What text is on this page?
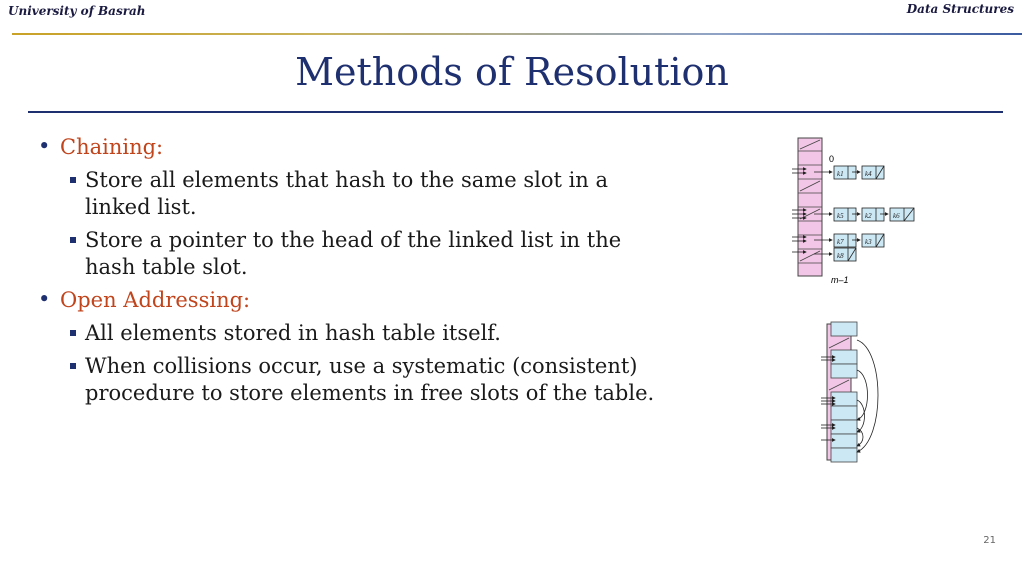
University of Basrah	Data Structures
Methods of Resolution
• Chaining:
Store all elements that hash to the same slot in a linked list.
Store a pointer to the head of the linked list in the hash table slot.
• Open Addressing:
All elements stored in hash table itself.
When collisions occur, use a systematic (consistent) procedure to store elements in free slots of the table.
0
m–1
k1	k4
k5	k2	k6
k7	k3
k8
21
